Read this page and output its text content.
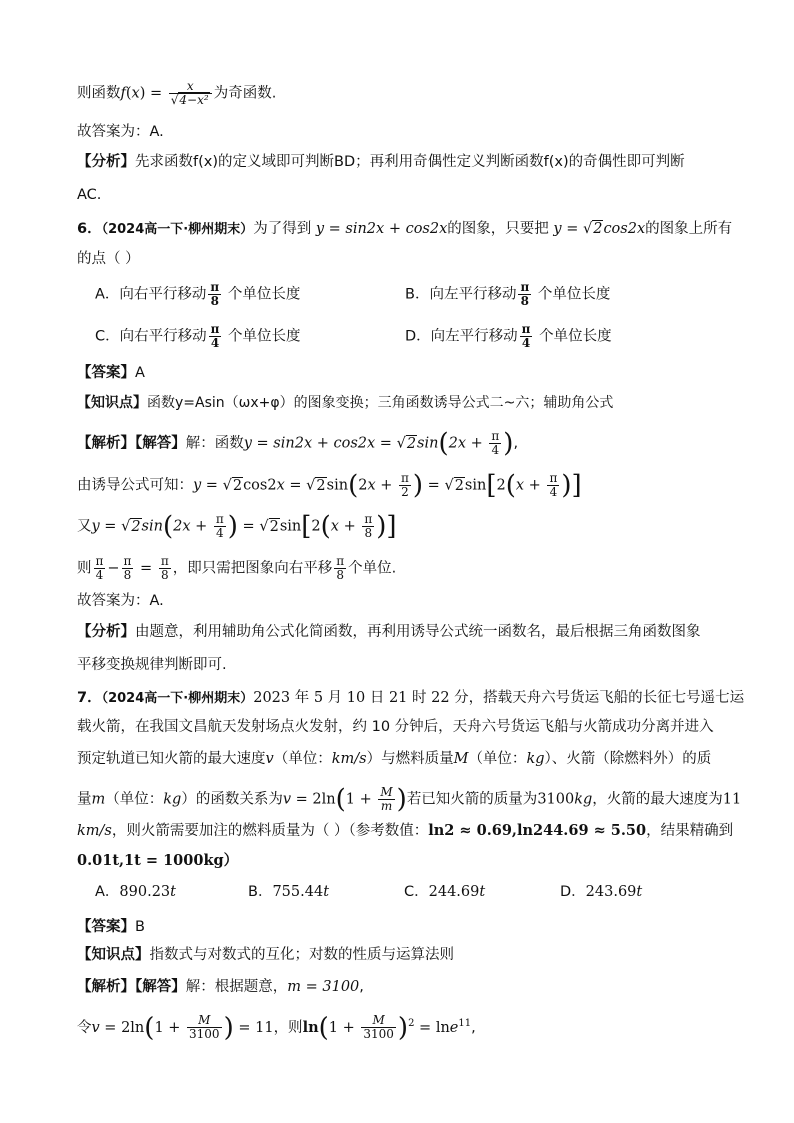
则函数$f(x) = \frac{x}{\text{√4−x²}}$ 为奇函数.
故答案为：A.
【分析】先求函数f(x)的定义域即可判断BD；再利用奇偶性定义判断函数f(x)的奇偶性即可判断
AC.
6．（2024高一下·柳州期末）为了得到 y = sin2x + cos2x的图象，只要把 y = √2cos2x的图象上所有
的点（ ）
A．向右平行移动 $\frac{\pi}{8}$ 个单位长度	B．向左平行移动 $\frac{\pi}{8}$ 个单位长度
C．向右平行移动 $\frac{\pi}{4}$ 个单位长度	D．向左平行移动 $\frac{\pi}{4}$ 个单位长度
【答案】A
【知识点】函数y=Asin（ωx+φ）的图象变换；三角函数诱导公式二~六；辅助角公式
【解析】【解答】解：函数$y = \sin 2x + \cos 2x = √2\sin(2x + \frac{\pi}{4}$ ),
由诱导公式可知：$y = √2\cos 2x = √2\sin(2x + \frac{\pi}{2}$ ) = $√2\sin[2(x + \frac{\pi}{4}$ )]
又$y = √2\sin(2x + \frac{\pi}{4}$ ) = $√2\sin[2(x + \frac{\pi}{8}$ )]
则 $\frac{\pi}{4} - \frac{\pi}{8} = \frac{\pi}{8}$ ，即只需把图象向右平移 $\frac{\pi}{8}$ 个单位.
故答案为：A.
【分析】由题意，利用辅助角公式化简函数，再利用诱导公式统一函数名，最后根据三角函数图象
平移变换规律判断即可.
7．（2024高一下·柳州期末）2023 年 5 月 10 日 21 时 22 分，搭载天舟六号货运飞船的长征七号遥七运
载火箭，在我国文昌航天发射场点火发射，约 10 分钟后，天舟六号货运飞船与火箭成功分离并进入
预定轨道已知火箭的最大速度v（单位：km/s）与燃料质量M（单位：kg）、火箭（除燃料外）的质
量m（单位：kg）的函数关系为$v = 2\ln(1 + \frac{M}{m}$ )若已知火箭的质量为3100kg，火箭的最大速度为11
km/s，则火箭需要加注的燃料质量为（ ）（参考数值：ln2 ≈ 0.69,ln244.69 ≈ 5.50，结果精确到
0.01t,1t = 1000kg）
A．890.23t	B．755.44t	C．244.69t	D．243.69t
【答案】B
【知识点】指数式与对数式的互化；对数的性质与运算法则
【解析】【解答】解：根据题意，m = 3100,
令$v = 2\ln(1 + \frac{M}{3100}$ ) = 11，则$\ln(1 + \frac{M}{3100} )^2 = \ln e^{11}$,
